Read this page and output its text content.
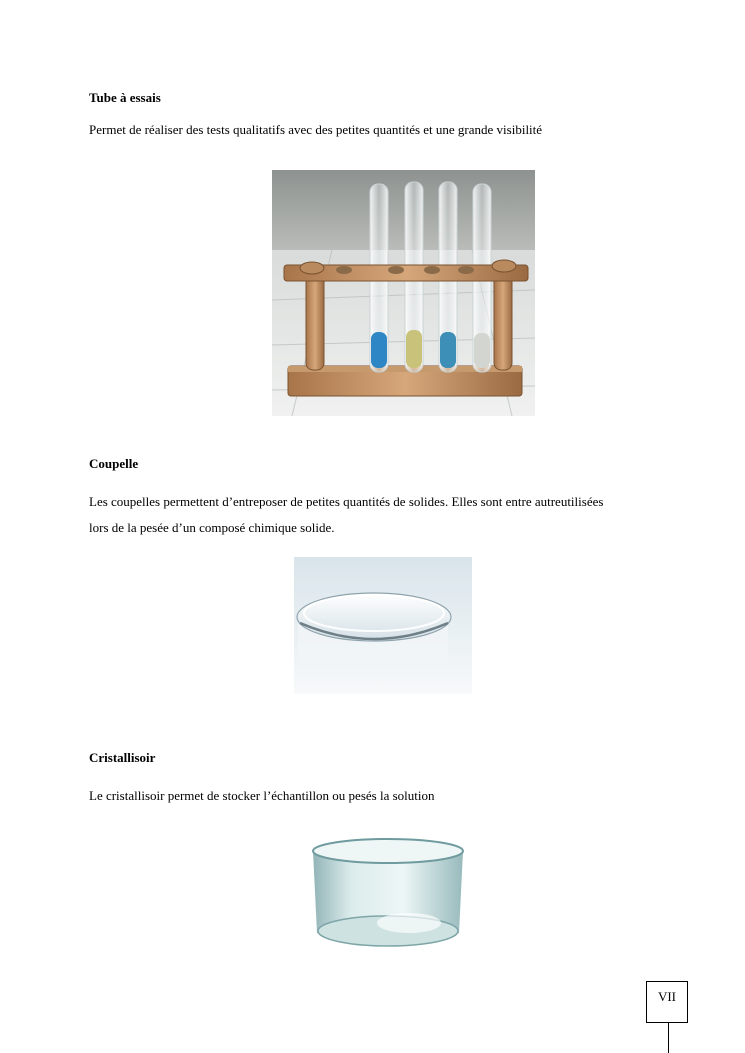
Tube à essais
Permet de réaliser des tests qualitatifs avec des petites quantités et une grande visibilité
Coupelle
Les coupelles permettent d’entreposer de petites quantités de solides. Elles sont entre autreutilisées
lors de la pesée d’un composé chimique solide.
Cristallisoir
Le cristallisoir permet de stocker l’échantillon ou pesés la solution
VII
